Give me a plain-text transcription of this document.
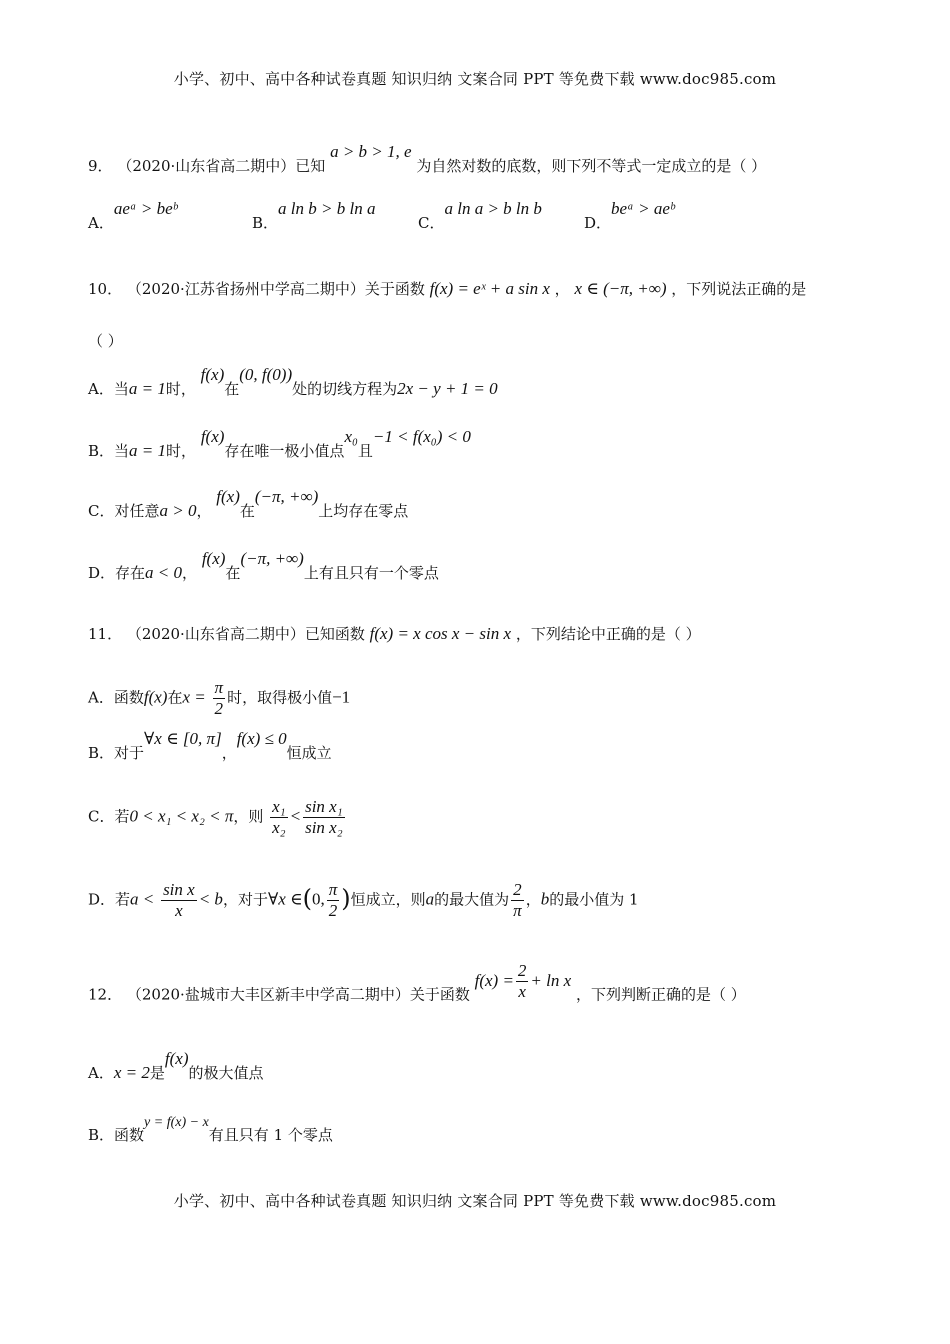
小学、初中、高中各种试卷真题 知识归纳 文案合同 PPT 等免费下载 www.doc985.com
9． （2020·山东省高二期中）已知 a > b > 1, e 为自然对数的底数，则下列不等式一定成立的是（ ）
A．aeᵃ > beᵇ
B．a ln b > b ln a
C．a ln a > b ln b
D．beᵃ > aeᵇ
10． （2020·江苏省扬州中学高二期中）关于函数 f(x) = eˣ + a sin x ， x ∈ (−π, +∞) ，下列说法正确的是
（ ）
A．当a = 1时， f(x)在(0, f(0))处的切线方程为2x − y + 1 = 0
B．当a = 1时， f(x)存在唯一极小值点x₀且−1 < f(x₀) < 0
C．对任意a > 0， f(x)在(−π, +∞)上均存在零点
D．存在a < 0， f(x)在(−π, +∞)上有且只有一个零点
11． （2020·山东省高二期中）已知函数 f(x) = x cos x − sin x ，下列结论中正确的是（ ）
A．函数f(x)在$x = \frac{\pi}{2}$ 时，取得极小值−1
B．对于∀x ∈ [0, π]，f(x) ≤ 0恒成立
C．若0 < x₁ < x₂ < π，则 $\frac{\text{x₁}}{\text{x₂}} < \frac{\text{sin x₁}}{\text{sin x₂}}$
D．若$a < \frac{\text{sin x}}{x} < b$，对于∀x ∈(0, $\frac{\pi}{2}$ )恒成立，则a的最大值为 $\frac{2}{\pi}$ ，b的最小值为 1
12． （2020·盐城市大丰区新丰中学高二期中）关于函数 $f(x) = \frac{2}{x} + \ln x$ ，下列判断正确的是（ ）
A．x = 2是f(x)的极大值点
B．函数y = f(x) − x有且只有 1 个零点
小学、初中、高中各种试卷真题 知识归纳 文案合同 PPT 等免费下载 www.doc985.com
